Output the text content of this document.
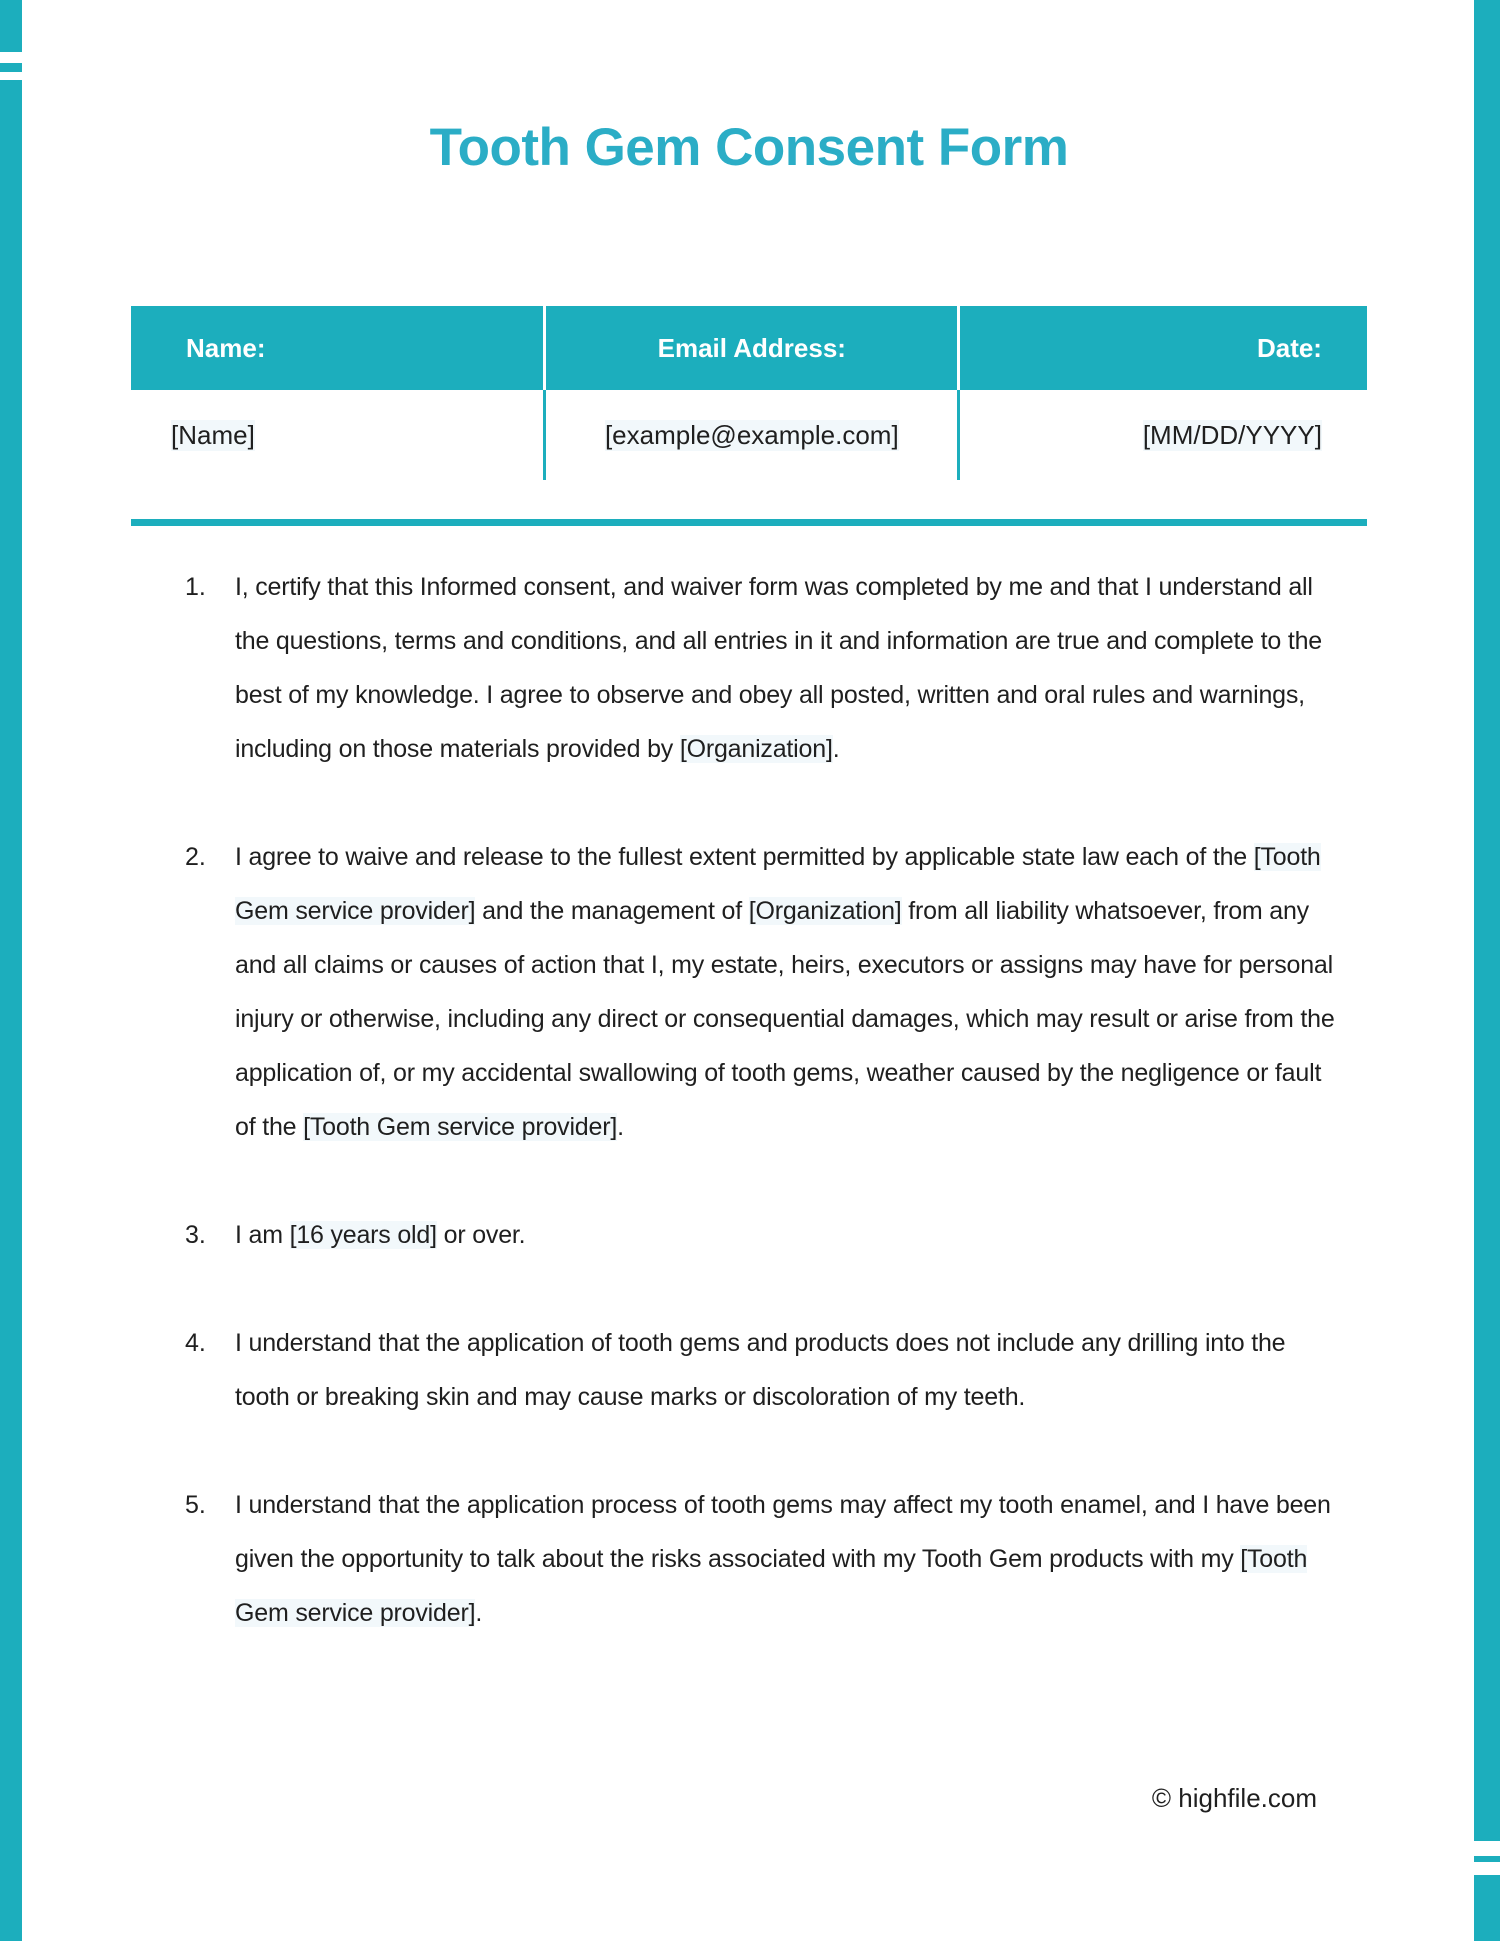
Tooth Gem Consent Form
Name:	Email Address:	Date:
[Name]	[example@example.com]	[MM/DD/YYYY]
1.	I, certify that this Informed consent, and waiver form was completed by me and that I understand all the questions, terms and conditions, and all entries in it and information are true and complete to the best of my knowledge. I agree to observe and obey all posted, written and oral rules and warnings, including on those materials provided by [Organization].
2.	I agree to waive and release to the fullest extent permitted by applicable state law each of the [Tooth Gem service provider] and the management of [Organization] from all liability whatsoever, from any and all claims or causes of action that I, my estate, heirs, executors or assigns may have for personal injury or otherwise, including any direct or consequential damages, which may result or arise from the application of, or my accidental swallowing of tooth gems, weather caused by the negligence or fault of the [Tooth Gem service provider].
3.	I am [16 years old] or over.
4.	I understand that the application of tooth gems and products does not include any drilling into the tooth or breaking skin and may cause marks or discoloration of my teeth.
5.	I understand that the application process of tooth gems may affect my tooth enamel, and I have been given the opportunity to talk about the risks associated with my Tooth Gem products with my [Tooth Gem service provider].
© highfile.com
